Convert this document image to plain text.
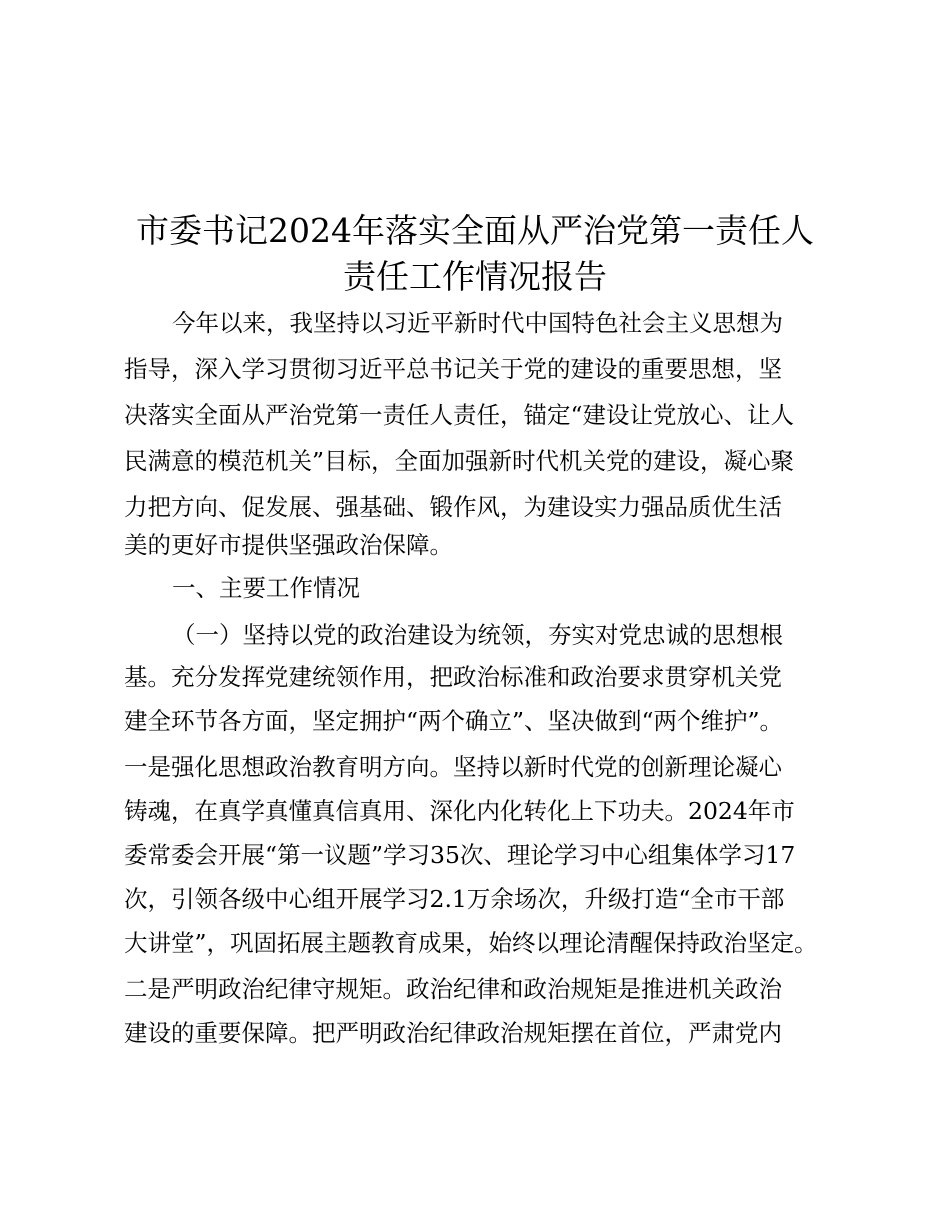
市委书记2024年落实全面从严治党第一责任人
责任工作情况报告

今年以来，我坚持以习近平新时代中国特色社会主义思想为

指导，深入学习贯彻习近平总书记关于党的建设的重要思想，坚

决落实全面从严治党第一责任人责任，锚定“建设让党放心、让人

民满意的模范机关”目标，全面加强新时代机关党的建设，凝心聚

力把方向、促发展、强基础、锻作风，为建设实力强品质优生活

美的更好市提供坚强政治保障。

一、主要工作情况

（一）坚持以党的政治建设为统领，夯实对党忠诚的思想根

基。充分发挥党建统领作用，把政治标准和政治要求贯穿机关党

建全环节各方面，坚定拥护“两个确立”、坚决做到“两个维护”。

一是强化思想政治教育明方向。坚持以新时代党的创新理论凝心

铸魂，在真学真懂真信真用、深化内化转化上下功夫。2024年市

委常委会开展“第一议题”学习35次、理论学习中心组集体学习17

次，引领各级中心组开展学习2.1万余场次，升级打造“全市干部

大讲堂”，巩固拓展主题教育成果，始终以理论清醒保持政治坚定。

二是严明政治纪律守规矩。政治纪律和政治规矩是推进机关政治

建设的重要保障。把严明政治纪律政治规矩摆在首位，严肃党内
